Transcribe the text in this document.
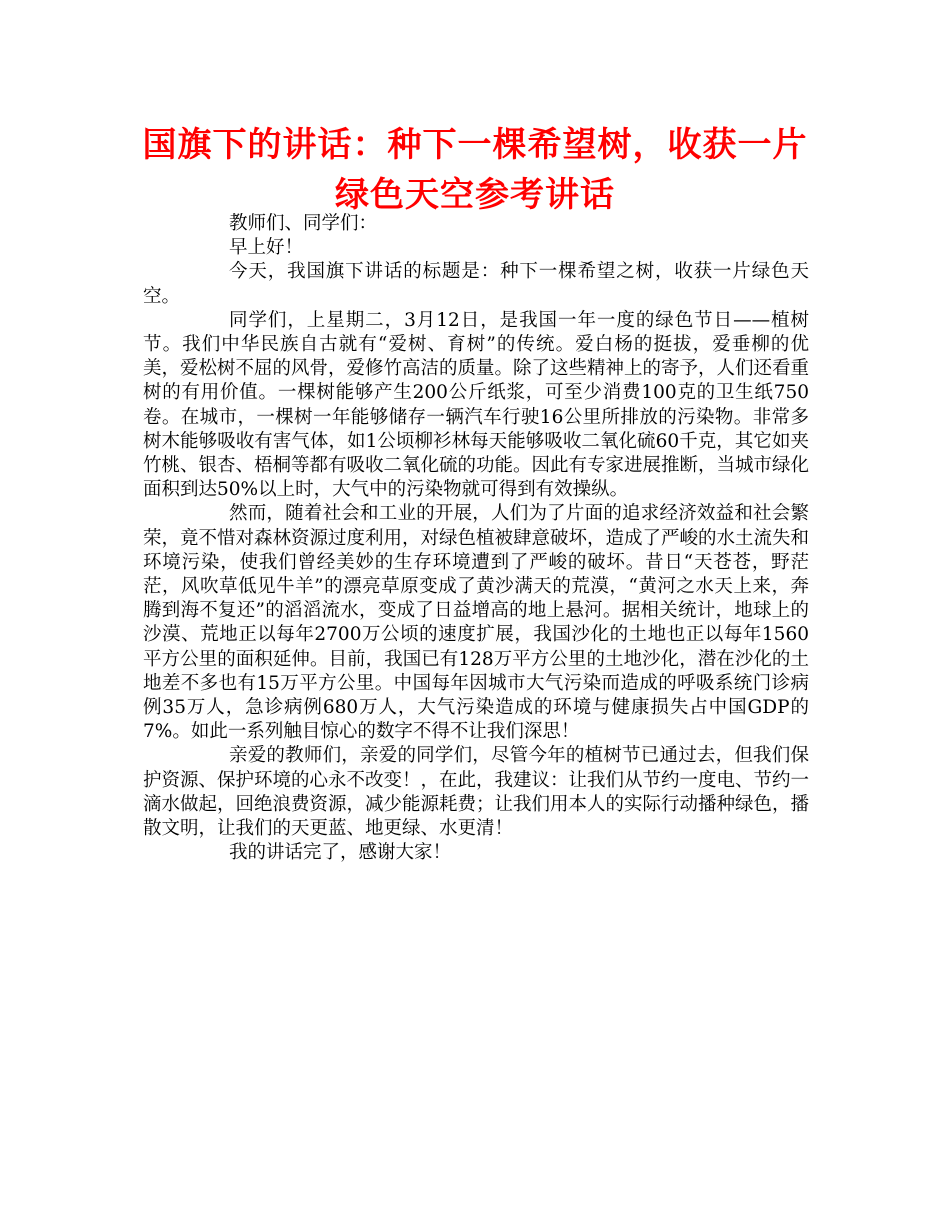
国旗下的讲话：种下一棵希望树，收获一片绿色天空参考讲话

教师们、同学们：

早上好！

今天，我国旗下讲话的标题是：种下一棵希望之树，收获一片绿色天空。

同学们，上星期二，3月12日，是我国一年一度的绿色节日——植树节。我们中华民族自古就有“爱树、育树”的传统。爱白杨的挺拔，爱垂柳的优美，爱松树不屈的风骨，爱修竹高洁的质量。除了这些精神上的寄予，人们还看重树的有用价值。一棵树能够产生200公斤纸浆，可至少消费100克的卫生纸750卷。在城市，一棵树一年能够储存一辆汽车行驶16公里所排放的污染物。非常多树木能够吸收有害气体，如1公顷柳衫林每天能够吸收二氧化硫60千克，其它如夹竹桃、银杏、梧桐等都有吸收二氧化硫的功能。因此有专家进展推断，当城市绿化面积到达50%以上时，大气中的污染物就可得到有效操纵。

然而，随着社会和工业的开展，人们为了片面的追求经济效益和社会繁荣，竟不惜对森林资源过度利用，对绿色植被肆意破坏，造成了严峻的水土流失和环境污染，使我们曾经美妙的生存环境遭到了严峻的破坏。昔日“天苍苍，野茫茫，风吹草低见牛羊”的漂亮草原变成了黄沙满天的荒漠，“黄河之水天上来，奔腾到海不复还”的滔滔流水，变成了日益增高的地上悬河。据相关统计，地球上的沙漠、荒地正以每年2700万公顷的速度扩展，我国沙化的土地也正以每年1560平方公里的面积延伸。目前，我国已有128万平方公里的土地沙化，潜在沙化的土地差不多也有15万平方公里。中国每年因城市大气污染而造成的呼吸系统门诊病例35万人，急诊病例680万人，大气污染造成的环境与健康损失占中国GDP的7%。如此一系列触目惊心的数字不得不让我们深思！

亲爱的教师们，亲爱的同学们，尽管今年的植树节已通过去，但我们保护资源、保护环境的心永不改变！，在此，我建议：让我们从节约一度电、节约一滴水做起，回绝浪费资源，减少能源耗费；让我们用本人的实际行动播种绿色，播散文明，让我们的天更蓝、地更绿、水更清！

我的讲话完了，感谢大家！
